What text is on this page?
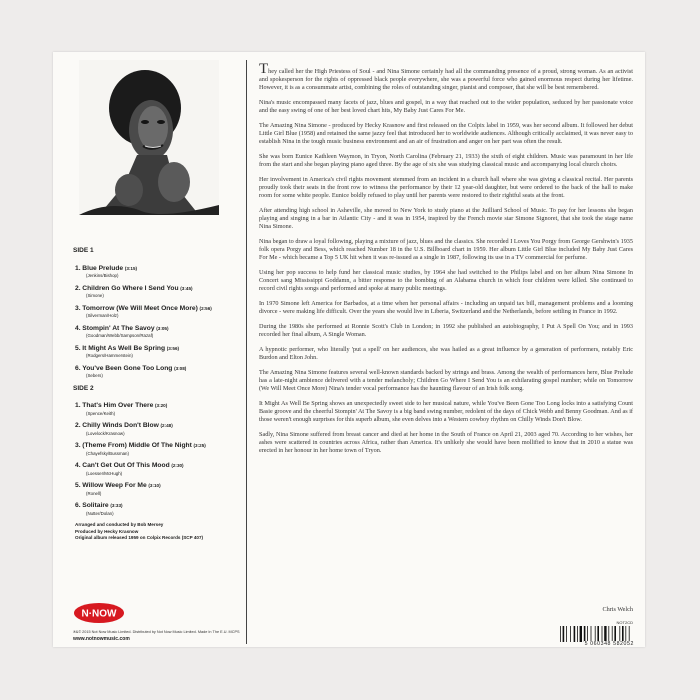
SIDE 1
1. Blue Prelude (3:15)
(Jenkins/Bishop)
2. Children Go Where I Send You (3:45)
(Simone)
3. Tomorrow (We Will Meet Once More) (2:56)
(Silverman/Holz)
4. Stompin' At The Savoy (3:05)
(Goodman/Webb/Sampson/Razaf)
5. It Might As Well Be Spring (3:56)
(Rodgers/Hammerstein)
6. You've Been Gone Too Long (3:08)
(Sebers)
SIDE 2
1. That's Him Over There (3:20)
(Spence/Keith)
2. Chilly Winds Don't Blow (2:48)
(Lovelock/Krasnow)
3. (Theme From) Middle Of The Night (3:25)
(Chayefsky/Bussman)
4. Can't Get Out Of This Mood (2:30)
(Loesser/McHugh)
5. Willow Weep For Me (3:10)
(Ronell)
6. Solitaire (3:33)
(Nutter/Dolan)
Arranged and conducted by Bob Mersey
Produced by Hecky Krasnow
Original album released 1959 on Colpix Records (SCP 407)
N·NOW
℗&© 2015 Not Now Music Limited. Distributed by Not Now Music Limited. Made In The E.U. MCPS
www.notnowmusic.com

They called her the High Priestess of Soul - and Nina Simone certainly had all the commanding presence of a proud, strong woman. As an activist and spokesperson for the rights of oppressed black people everywhere, she was a powerful force who gained enormous respect during her lifetime. However, it is as a consummate artist, combining the roles of outstanding singer, pianist and composer, that she will be best remembered.

Nina's music encompassed many facets of jazz, blues and gospel, in a way that reached out to the wider population, seduced by her passionate voice and the easy swing of one of her best loved chart hits, My Baby Just Cares For Me.

The Amazing Nina Simone - produced by Hecky Krasnow and first released on the Colpix label in 1959, was her second album. It followed her debut Little Girl Blue (1958) and retained the same jazzy feel that introduced her to worldwide audiences. Although critically acclaimed, it was never easy to establish Nina in the tough music business environment and an air of frustration and anger on her part was often the result.

She was born Eunice Kathleen Waymon, in Tryon, North Carolina (February 21, 1933) the sixth of eight children. Music was paramount in her life from the start and she began playing piano aged three. By the age of six she was studying classical music and accompanying local church choirs.

Her involvement in America's civil rights movement stemmed from an incident in a church hall where she was giving a classical recital. Her parents proudly took their seats in the front row to witness the performance by their 12 year-old daughter, but were ordered to the back of the hall to make room for some white people. Eunice boldly refused to play until her parents were restored to their rightful seats at the front.

After attending high school in Asheville, she moved to New York to study piano at the Juilliard School of Music. To pay for her lessons she began playing and singing in a bar in Atlantic City - and it was in 1954, inspired by the French movie star Simone Signoret, that she took the stage name Nina Simone.

Nina began to draw a loyal following, playing a mixture of jazz, blues and the classics. She recorded I Loves You Porgy from George Gershwin's 1935 folk opera Porgy and Bess, which reached Number 18 in the U.S. Billboard chart in 1959. Her album Little Girl Blue included My Baby Just Cares For Me - which became a Top 5 UK hit when it was re-issued as a single in 1987, following its use in a TV commercial for perfume.

Using her pop success to help fund her classical music studies, by 1964 she had switched to the Philips label and on her album Nina Simone In Concert sang Mississippi Goddamn, a bitter response to the bombing of an Alabama church in which four children were killed. She continued to record civil rights songs and performed and spoke at many public meetings.

In 1970 Simone left America for Barbados, at a time when her personal affairs - including an unpaid tax bill, management problems and a looming divorce - were making life difficult. Over the years she would live in Liberia, Switzerland and the Netherlands, before settling in France in 1992.

During the 1980s she performed at Ronnie Scott's Club in London; in 1992 she published an autobiography, I Put A Spell On You; and in 1993 recorded her final album, A Single Woman.

A hypnotic performer, who literally 'put a spell' on her audiences, she was hailed as a great influence by a generation of performers, notably Eric Burdon and Elton John.

The Amazing Nina Simone features several well-known standards backed by strings and brass. Among the wealth of performances here, Blue Prelude has a late-night ambience delivered with a tender melancholy; Children Go Where I Send You is an exhilarating gospel number; while on Tomorrow (We Will Meet Once More) Nina's tender vocal performance has the haunting flavour of an Irish folk song.

It Might As Well Be Spring shows an unexpectedly sweet side to her musical nature, while You've Been Gone Too Long locks into a satisfying Count Basie groove and the cheerful Stompin' At The Savoy is a big band swing number, redolent of the days of Chick Webb and Benny Goodman. And as if those weren't enough surprises for this superb album, she even delves into a Western cowboy rhythm on Chilly Winds Don't Blow.

Sadly, Nina Simone suffered from breast cancer and died at her home in the South of France on April 21, 2003 aged 70. According to her wishes, her ashes were scattered in countries across Africa, rather than America. It's unlikely she would have been mollified to know that in 2010 a statue was erected in her honour in her home town of Tryon.

Chris Welch
NOT2CD
5 060348 582052
